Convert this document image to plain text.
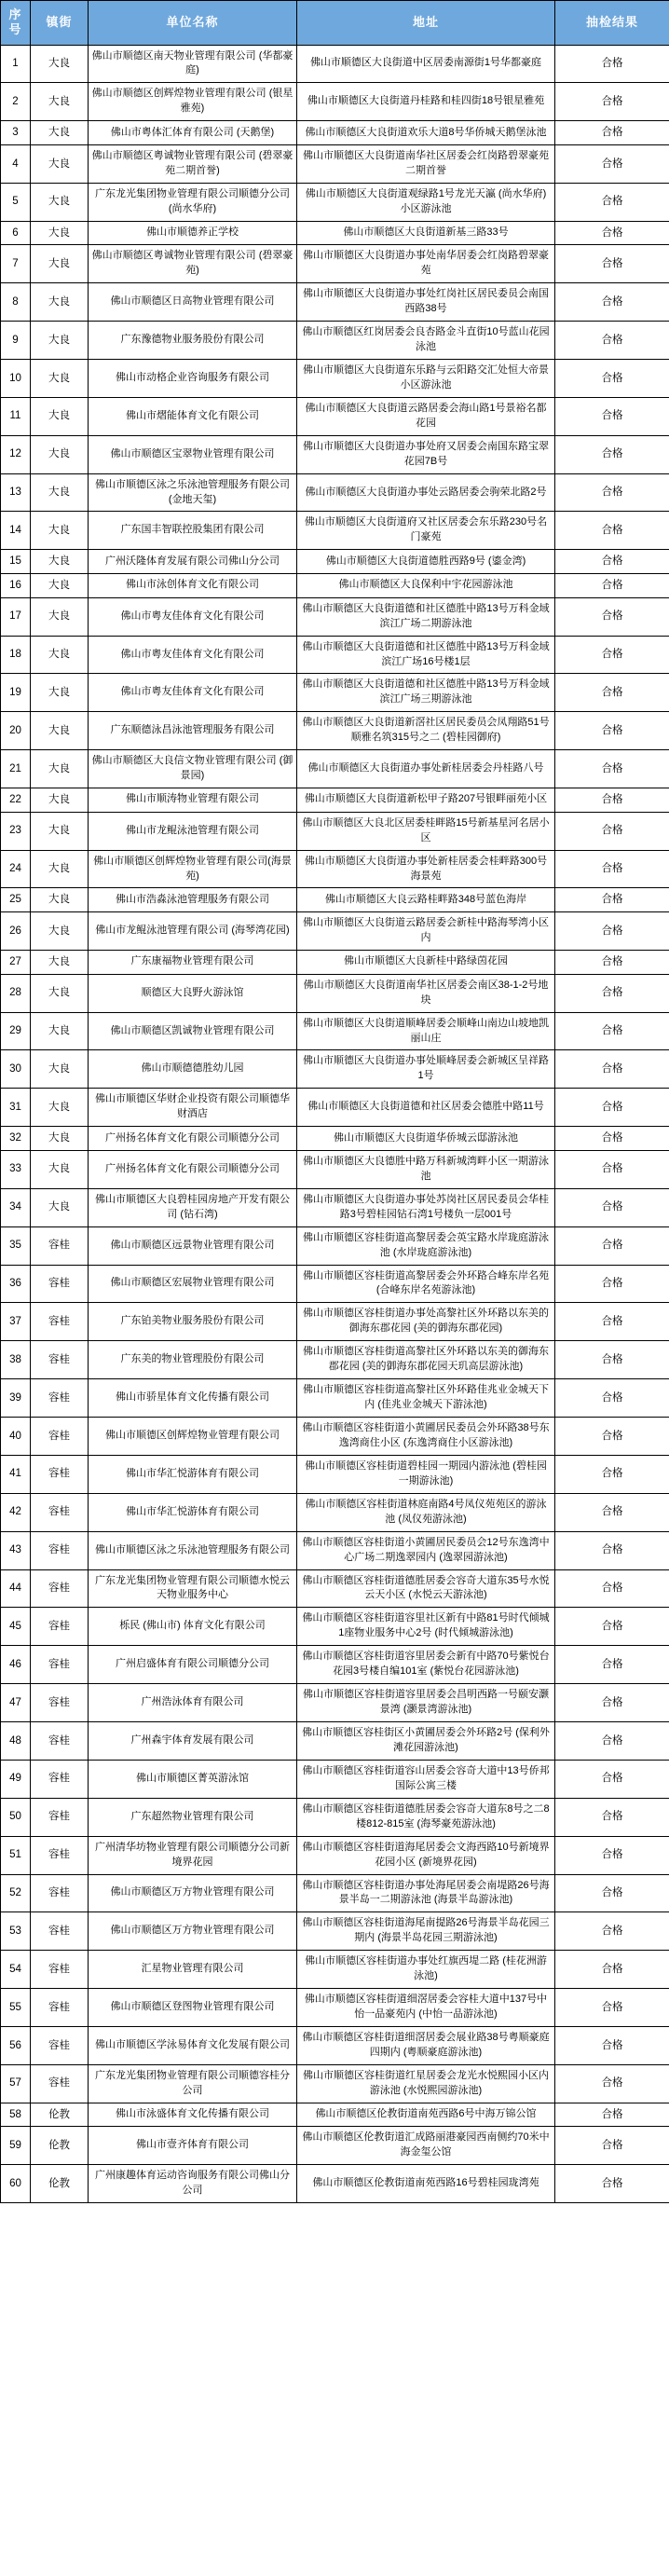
序号	镇街	单位名称	地址	抽检结果
1	大良	佛山市顺德区南天物业管理有限公司 (华都豪庭)	佛山市顺德区大良街道中区居委南源街1号华都豪庭	合格
2	大良	佛山市顺德区创辉煌物业管理有限公司 (银星雅苑)	佛山市顺德区大良街道丹桂路和桂四街18号银星雅苑	合格
3	大良	佛山市粤体汇体育有限公司 (天鹅堡)	佛山市顺德区大良街道欢乐大道8号华侨城天鹅堡泳池	合格
4	大良	佛山市顺德区粤诚物业管理有限公司 (碧翠豪苑二期首誉)	佛山市顺德区大良街道南华社区居委会红岗路碧翠豪苑二期首誉	合格
5	大良	广东龙光集团物业管理有限公司顺德分公司 (尚水华府)	佛山市顺德区大良街道观绿路1号龙光天瀛 (尚水华府) 小区游泳池	合格
6	大良	佛山市顺德养正学校	佛山市顺德区大良街道新基三路33号	合格
7	大良	佛山市顺德区粤诚物业管理有限公司 (碧翠豪苑)	佛山市顺德区大良街道办事处南华居委会红岗路碧翠豪苑	合格
8	大良	佛山市顺德区日高物业管理有限公司	佛山市顺德区大良街道办事处红岗社区居民委员会南国西路38号	合格
9	大良	广东豫德物业服务股份有限公司	佛山市顺德区红岗居委会良杏路金斗直街10号蓝山花园泳池	合格
10	大良	佛山市动格企业咨询服务有限公司	佛山市顺德区大良街道东乐路与云阳路交汇处恒大帝景小区游泳池	合格
11	大良	佛山市熠能体育文化有限公司	佛山市顺德区大良街道云路居委会海山路1号景裕名都花园	合格
12	大良	佛山市顺德区宝翠物业管理有限公司	佛山市顺德区大良街道办事处府又居委会南国东路宝翠花园7B号	合格
13	大良	佛山市顺德区泳之乐泳池管理服务有限公司 (金地天玺)	佛山市顺德区大良街道办事处云路居委会驹荣北路2号	合格
14	大良	广东国丰智联控股集团有限公司	佛山市顺德区大良街道府又社区居委会东乐路230号名门豪苑	合格
15	大良	广州沃隆体育发展有限公司佛山分公司	佛山市顺德区大良街道德胜西路9号 (鎏金湾)	合格
16	大良	佛山市泳创体育文化有限公司	佛山市顺德区大良保利中宇花园游泳池	合格
17	大良	佛山市粤友佳体育文化有限公司	佛山市顺德区大良街道德和社区德胜中路13号万科金域滨江广场二期游泳池	合格
18	大良	佛山市粤友佳体育文化有限公司	佛山市顺德区大良街道德和社区德胜中路13号万科金域滨江广场16号楼1层	合格
19	大良	佛山市粤友佳体育文化有限公司	佛山市顺德区大良街道德和社区德胜中路13号万科金域滨江广场三期游泳池	合格
20	大良	广东顺德泳昌泳池管理服务有限公司	佛山市顺德区大良街道新滘社区居民委员会凤翔路51号顺雅名筑315号之二 (碧桂园御府)	合格
21	大良	佛山市顺德区大良信文物业管理有限公司 (御景园)	佛山市顺德区大良街道办事处新桂居委会丹桂路八号	合格
22	大良	佛山市顺涛物业管理有限公司	佛山市顺德区大良街道新松甲子路207号银畔丽苑小区	合格
23	大良	佛山市龙鲲泳池管理有限公司	佛山市顺德区大良北区居委桂畔路15号新基星河名居小区	合格
24	大良	佛山市顺德区创辉煌物业管理有限公司(海景苑)	佛山市顺德区大良街道办事处新桂居委会桂畔路300号海景苑	合格
25	大良	佛山市浩淼泳池管理服务有限公司	佛山市顺德区大良云路桂畔路348号蓝色海岸	合格
26	大良	佛山市龙鲲泳池管理有限公司 (海琴湾花园)	佛山市顺德区大良街道云路居委会新桂中路海琴湾小区内	合格
27	大良	广东康福物业管理有限公司	佛山市顺德区大良新桂中路绿茵花园	合格
28	大良	顺德区大良野火游泳馆	佛山市顺德区大良街道南华社区居委会南区38-1-2号地块	合格
29	大良	佛山市顺德区凯诚物业管理有限公司	佛山市顺德区大良街道顺峰居委会顺峰山南边山坡地凯丽山庄	合格
30	大良	佛山市顺德德胜幼儿园	佛山市顺德区大良街道办事处顺峰居委会新城区呈祥路1号	合格
31	大良	佛山市顺德区华财企业投资有限公司顺德华财酒店	佛山市顺德区大良街道德和社区居委会德胜中路11号	合格
32	大良	广州扬名体育文化有限公司顺德分公司	佛山市顺德区大良街道华侨城云邸游泳池	合格
33	大良	广州扬名体育文化有限公司顺德分公司	佛山市顺德区大良德胜中路万科新城湾畔小区一期游泳池	合格
34	大良	佛山市顺德区大良碧桂园房地产开发有限公司 (钻石湾)	佛山市顺德区大良街道办事处苏岗社区居民委员会华桂路3号碧桂园钻石湾1号楼负一层001号	合格
35	容桂	佛山市顺德区远景物业管理有限公司	佛山市顺德区容桂街道高黎居委会英宝路水岸珑庭游泳池 (水岸珑庭游泳池)	合格
36	容桂	佛山市顺德区宏展物业管理有限公司	佛山市顺德区容桂街道高黎居委会外环路合峰东岸名苑 (合峰东岸名苑游泳池)	合格
37	容桂	广东铂美物业服务股份有限公司	佛山市顺德区容桂街道办事处高黎社区外环路以东美的御海东郡花园 (美的御海东郡花园)	合格
38	容桂	广东美的物业管理股份有限公司	佛山市顺德区容桂街道高黎社区外环路以东美的御海东郡花园 (美的御海东郡花园天玑高层游泳池)	合格
39	容桂	佛山市骄星体育文化传播有限公司	佛山市顺德区容桂街道高黎社区外环路佳兆业金城天下内 (佳兆业金城天下游泳池)	合格
40	容桂	佛山市顺德区创辉煌物业管理有限公司	佛山市顺德区容桂街道小黄圃居民委员会外环路38号东逸湾商住小区 (东逸湾商住小区游泳池)	合格
41	容桂	佛山市华汇悦游体育有限公司	佛山市顺德区容桂街道碧桂园一期园内游泳池 (碧桂园一期游泳池)	合格
42	容桂	佛山市华汇悦游体育有限公司	佛山市顺德区容桂街道林庭南路4号凤仪苑苑区的游泳池 (凤仪苑游泳池)	合格
43	容桂	佛山市顺德区泳之乐泳池管理服务有限公司	佛山市顺德区容桂街道小黄圃居民委员会12号东逸湾中心广场二期逸翠园内 (逸翠园游泳池)	合格
44	容桂	广东龙光集团物业管理有限公司顺德水悦云天物业服务中心	佛山市顺德区容桂街道德胜居委会容奇大道东35号水悦云天小区 (水悦云天游泳池)	合格
45	容桂	栎民 (佛山市) 体育文化有限公司	佛山市顺德区容桂街道容里社区新有中路81号时代倾城1座物业服务中心2号 (时代倾城游泳池)	合格
46	容桂	广州启盛体育有限公司顺德分公司	佛山市顺德区容桂街道容里居委会新有中路70号紫悦台花园3号楼自编101室 (紫悦台花园游泳池)	合格
47	容桂	广州浩泳体育有限公司	佛山市顺德区容桂街道容里居委会昌明西路一号颐安灏景湾 (灏景湾游泳池)	合格
48	容桂	广州森宇体育发展有限公司	佛山市顺德区容桂街区小黄圃居委会外环路2号 (保利外滩花园游泳池)	合格
49	容桂	佛山市顺德区菁英游泳馆	佛山市顺德区容桂街道容山居委会容奇大道中13号侨邦国际公寓三楼	合格
50	容桂	广东超然物业管理有限公司	佛山市顺德区容桂街道德胜居委会容奇大道东8号之二8楼812-815室 (海琴豪苑游泳池)	合格
51	容桂	广州清华坊物业管理有限公司顺德分公司新境界花园	佛山市顺德区容桂街道海尾居委会文海西路10号新境界花园小区 (新境界花园)	合格
52	容桂	佛山市顺德区万方物业管理有限公司	佛山市顺德区容桂街道办事处海尾居委会南堤路26号海景半岛一二期游泳池 (海景半岛游泳池)	合格
53	容桂	佛山市顺德区万方物业管理有限公司	佛山市顺德区容桂街道海尾南提路26号海景半岛花园三期内 (海景半岛花园三期游泳池)	合格
54	容桂	汇星物业管理有限公司	佛山市顺德区容桂街道办事处红旗西堤二路 (桂花洲游泳池)	合格
55	容桂	佛山市顺德区登图物业管理有限公司	佛山市顺德区容桂街道细滘居委会容桂大道中137号中怡一品豪苑内 (中怡一品游泳池)	合格
56	容桂	佛山市顺德区学泳易体育文化发展有限公司	佛山市顺德区容桂街道细滘居委会展业路38号粤顺豪庭四期内 (粤顺豪庭游泳池)	合格
57	容桂	广东龙光集团物业管理有限公司顺德容桂分公司	佛山市顺德区容桂街道红星居委会龙光水悦熙园小区内游泳池 (水悦熙园游泳池)	合格
58	伦教	佛山市泳盛体育文化传播有限公司	佛山市顺德区伦教街道南苑西路6号中海万锦公馆	合格
59	伦教	佛山市壹齐体育有限公司	佛山市顺德区伦教街道汇成路丽港豪园西南侧约70米中海金玺公馆	合格
60	伦教	广州康趣体育运动咨询服务有限公司佛山分公司	佛山市顺德区伦教街道南苑西路16号碧桂园珑湾苑	合格
